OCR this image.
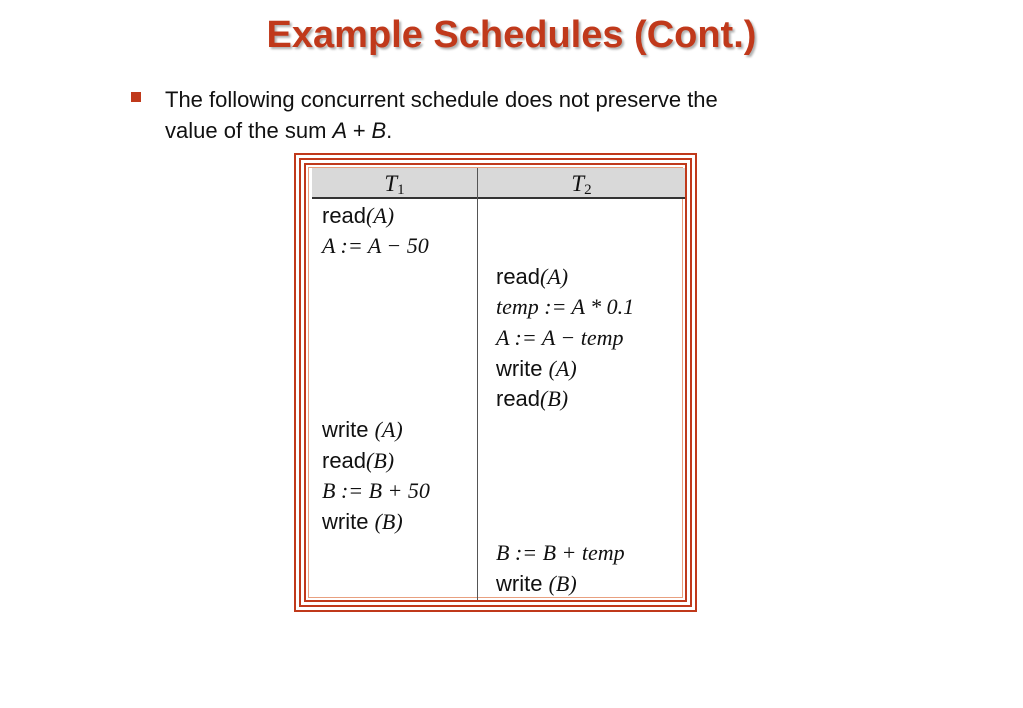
Example Schedules (Cont.)
The following concurrent schedule does not preserve the
value of the sum A + B.
$T_1$	$T_2$
read(A)
A := A − 50
write (A)
read(B)
B := B + 50
write (B)
read(A)
temp := A * 0.1
A := A − temp
write (A)
read(B)
B := B + temp
write (B)
